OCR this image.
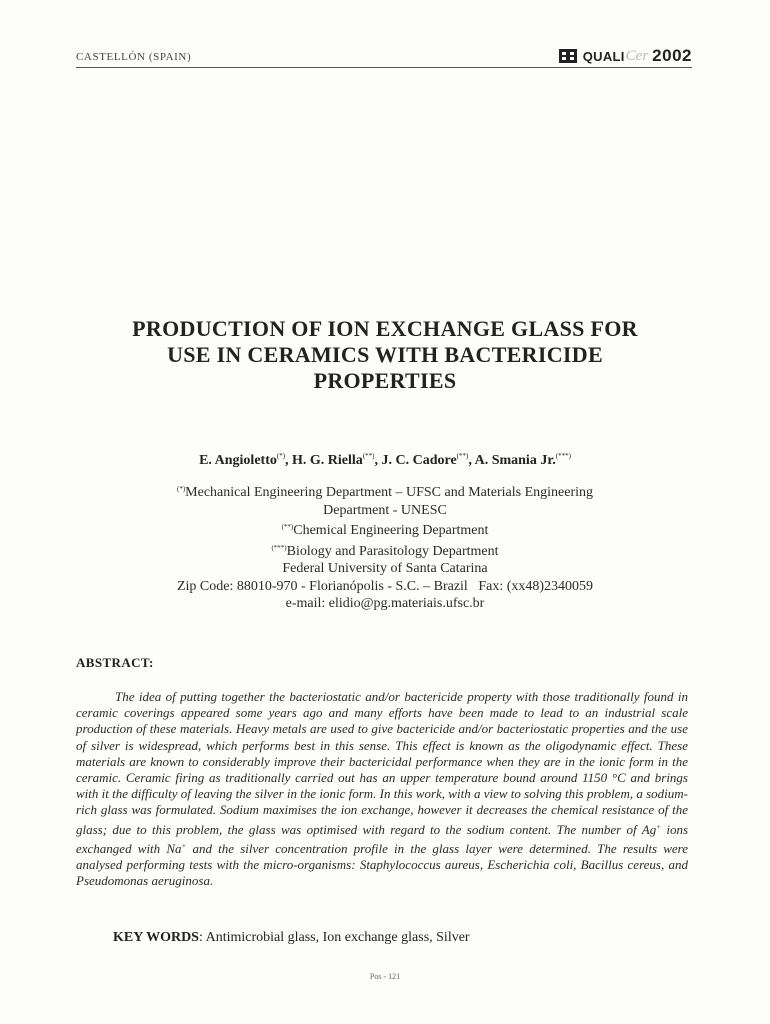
CASTELLÓN (SPAIN)	QUALI Cer 2002
PRODUCTION OF ION EXCHANGE GLASS FOR
USE IN CERAMICS WITH BACTERICIDE
PROPERTIES
E. Angioletto(*), H. G. Riella(**), J. C. Cadore(**), A. Smania Jr.(***)
(*)Mechanical Engineering Department – UFSC and Materials Engineering
Department - UNESC
(**)Chemical Engineering Department
(***)Biology and Parasitology Department
Federal University of Santa Catarina
Zip Code: 88010-970 - Florianópolis - S.C. – Brazil Fax: (xx48)2340059
e-mail: elidio@pg.materiais.ufsc.br
ABSTRACT:

The idea of putting together the bacteriostatic and/or bactericide property with those traditionally found in ceramic coverings appeared some years ago and many efforts have been made to lead to an industrial scale production of these materials. Heavy metals are used to give bactericide and/or bacteriostatic properties and the use of silver is widespread, which performs best in this sense. This effect is known as the oligodynamic effect. These materials are known to considerably improve their bactericidal performance when they are in the ionic form in the ceramic. Ceramic firing as traditionally carried out has an upper temperature bound around 1150 °C and brings with it the difficulty of leaving the silver in the ionic form. In this work, with a view to solving this problem, a sodium-rich glass was formulated. Sodium maximises the ion exchange, however it decreases the chemical resistance of the glass; due to this problem, the glass was optimised with regard to the sodium content. The number of Ag+ ions exchanged with Na+ and the silver concentration profile in the glass layer were determined. The results were analysed performing tests with the micro-organisms: Staphylococcus aureus, Escherichia coli, Bacillus cereus, and Pseudomonas aeruginosa.

KEY WORDS: Antimicrobial glass, Ion exchange glass, Silver
Pos - 121
